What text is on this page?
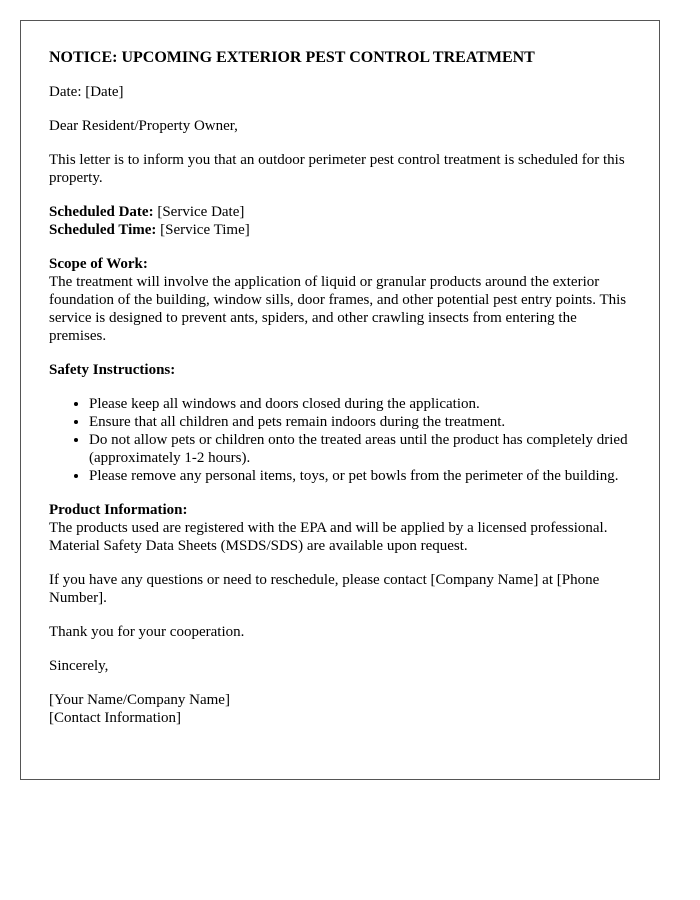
NOTICE: UPCOMING EXTERIOR PEST CONTROL TREATMENT

Date: [Date]

Dear Resident/Property Owner,

This letter is to inform you that an outdoor perimeter pest control treatment is scheduled for this property.

Scheduled Date: [Service Date]
Scheduled Time: [Service Time]

Scope of Work:
The treatment will involve the application of liquid or granular products around the exterior foundation of the building, window sills, door frames, and other potential pest entry points. This service is designed to prevent ants, spiders, and other crawling insects from entering the premises.

Safety Instructions:

• Please keep all windows and doors closed during the application.
• Ensure that all children and pets remain indoors during the treatment.
• Do not allow pets or children onto the treated areas until the product has completely dried (approximately 1-2 hours).
• Please remove any personal items, toys, or pet bowls from the perimeter of the building.

Product Information:
The products used are registered with the EPA and will be applied by a licensed professional. Material Safety Data Sheets (MSDS/SDS) are available upon request.

If you have any questions or need to reschedule, please contact [Company Name] at [Phone Number].

Thank you for your cooperation.

Sincerely,

[Your Name/Company Name]
[Contact Information]
